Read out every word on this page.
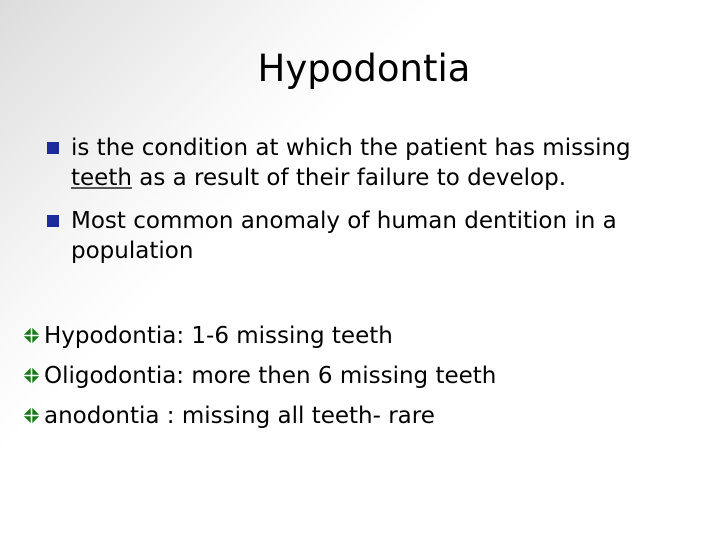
Hypodontia
is the condition at which the patient has missing
teeth as a result of their failure to develop.
Most common anomaly of human dentition in a
population
Hypodontia: 1-6 missing teeth
Oligodontia: more then 6 missing teeth
anodontia : missing all teeth- rare
